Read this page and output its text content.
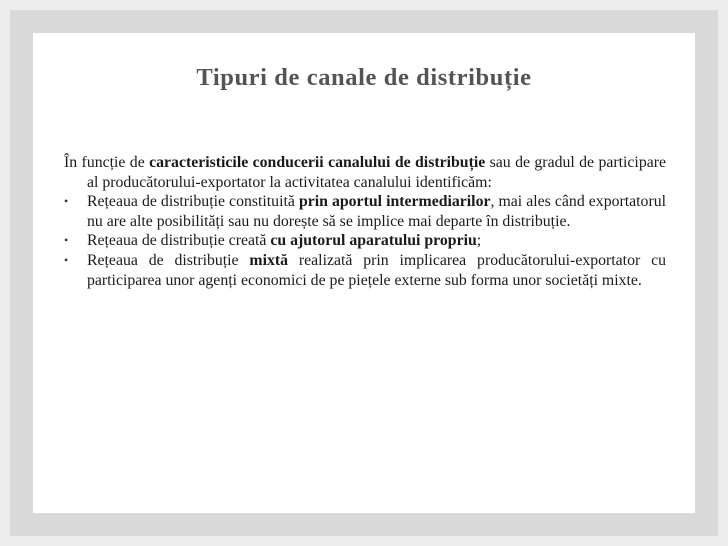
Tipuri de canale de distribuție

În funcție de caracteristicile conducerii canalului de distribuție sau de gradul de participare al producătorului-exportator la activitatea canalului identificăm:

• Rețeaua de distribuție constituită prin aportul intermediarilor, mai ales când exportatorul nu are alte posibilități sau nu dorește să se implice mai departe în distribuție.
• Rețeaua de distribuție creată cu ajutorul aparatului propriu;
• Rețeaua de distribuție mixtă realizată prin implicarea producătorului-exportator cu participarea unor agenți economici de pe piețele externe sub forma unor societăți mixte.
